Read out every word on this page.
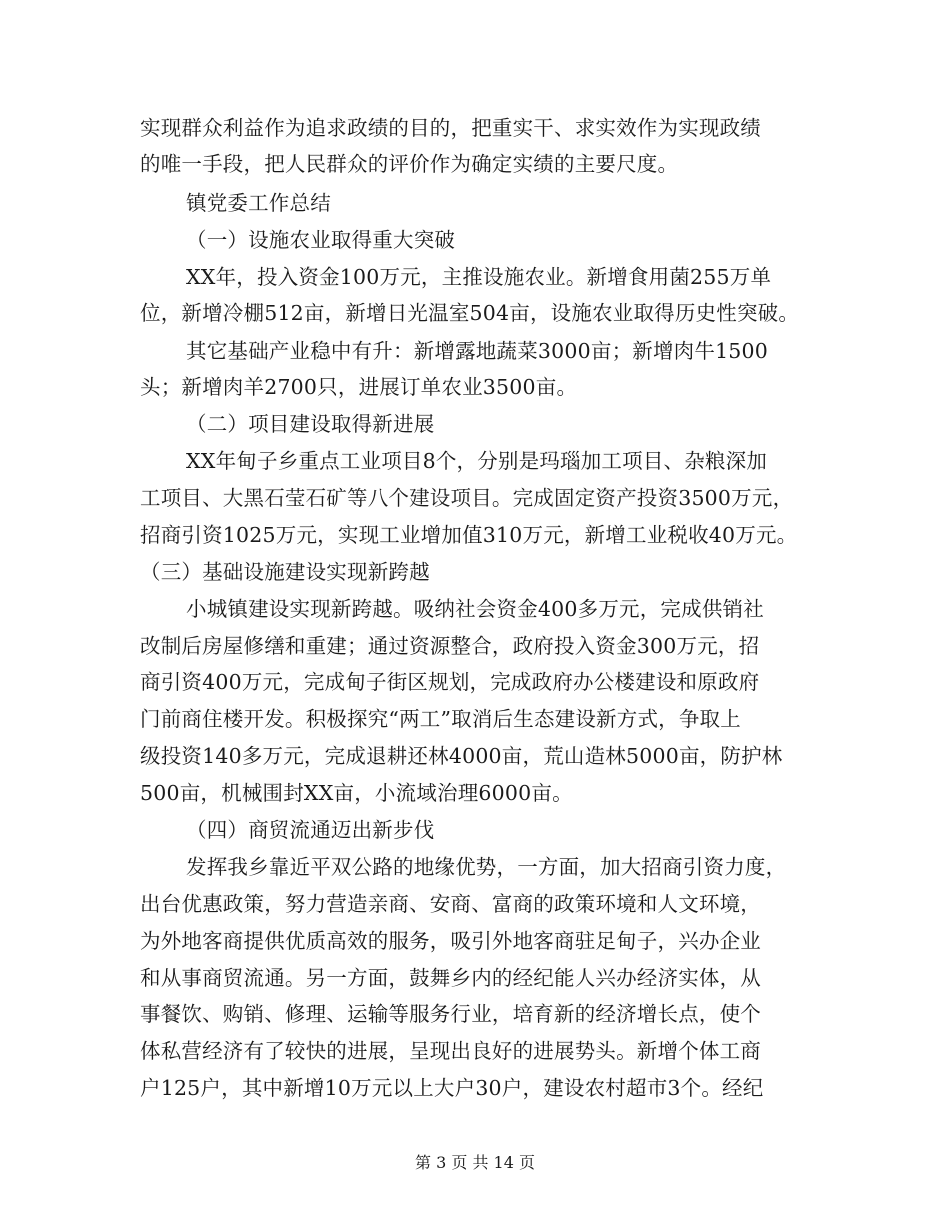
实现群众利益作为追求政绩的目的，把重实干、求实效作为实现政绩
的唯一手段，把人民群众的评价作为确定实绩的主要尺度。
镇党委工作总结
（一）设施农业取得重大突破
XX年，投入资金100万元，主推设施农业。新增食用菌255万单
位，新增冷棚512亩，新增日光温室504亩，设施农业取得历史性突破。
其它基础产业稳中有升：新增露地蔬菜3000亩；新增肉牛1500
头；新增肉羊2700只，进展订单农业3500亩。
（二）项目建设取得新进展
XX年甸子乡重点工业项目8个，分别是玛瑙加工项目、杂粮深加
工项目、大黑石莹石矿等八个建设项目。完成固定资产投资3500万元，
招商引资1025万元，实现工业增加值310万元，新增工业税收40万元。
（三）基础设施建设实现新跨越
小城镇建设实现新跨越。吸纳社会资金400多万元，完成供销社
改制后房屋修缮和重建；通过资源整合，政府投入资金300万元，招
商引资400万元，完成甸子街区规划，完成政府办公楼建设和原政府
门前商住楼开发。积极探究“两工”取消后生态建设新方式，争取上
级投资140多万元，完成退耕还林4000亩，荒山造林5000亩，防护林
500亩，机械围封XX亩，小流域治理6000亩。
（四）商贸流通迈出新步伐
发挥我乡靠近平双公路的地缘优势，一方面，加大招商引资力度，
出台优惠政策，努力营造亲商、安商、富商的政策环境和人文环境，
为外地客商提供优质高效的服务，吸引外地客商驻足甸子，兴办企业
和从事商贸流通。另一方面，鼓舞乡内的经纪能人兴办经济实体，从
事餐饮、购销、修理、运输等服务行业，培育新的经济增长点，使个
体私营经济有了较快的进展，呈现出良好的进展势头。新增个体工商
户125户，其中新增10万元以上大户30户，建设农村超市3个。经纪
第 3 页 共 14 页
